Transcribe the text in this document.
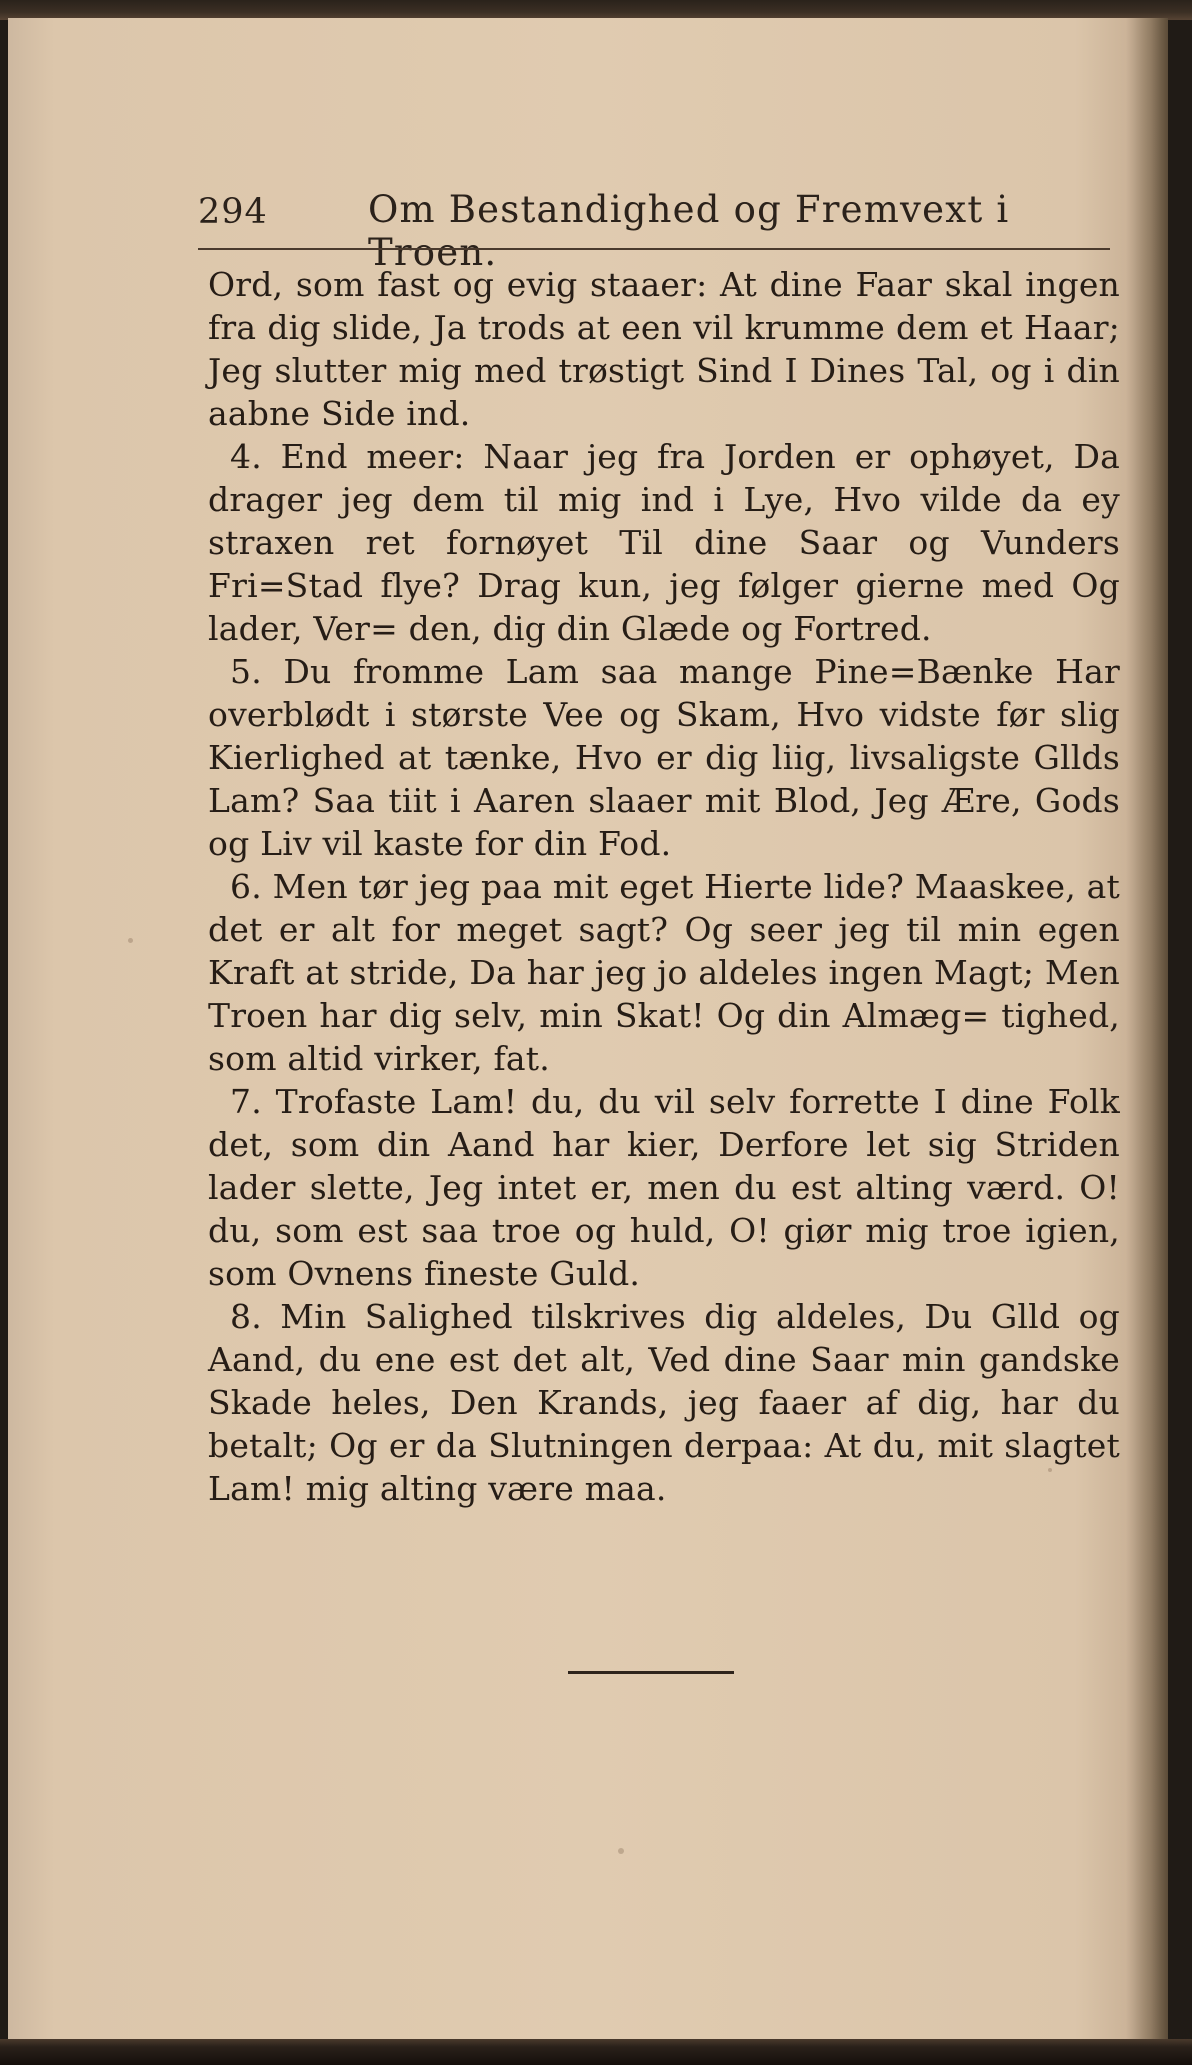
294	Om Bestandighed og Fremvext i Troen.

Ord, som fast og evig staaer: At dine Faar skal ingen fra dig slide, Ja trods at een vil krumme dem et Haar; Jeg slutter mig med trøstigt Sind I Dines Tal, og i din aabne Side ind.

4. End meer: Naar jeg fra Jorden er ophøyet, Da drager jeg dem til mig ind i Lye, Hvo vilde da ey straxen ret fornøyet Til dine Saar og Vunders Fri=Stad flye? Drag kun, jeg følger gierne med Og lader, Ver= den, dig din Glæde og Fortred.

5. Du fromme Lam saa mange Pine=Bænke Har overblødt i største Vee og Skam, Hvo vidste før slig Kierlighed at tænke, Hvo er dig liig, livsaligste Gllds Lam? Saa tiit i Aaren slaaer mit Blod, Jeg Ære, Gods og Liv vil kaste for din Fod.

6. Men tør jeg paa mit eget Hierte lide? Maaskee, at det er alt for meget sagt? Og seer jeg til min egen Kraft at stride, Da har jeg jo aldeles ingen Magt; Men Troen har dig selv, min Skat! Og din Almæg= tighed, som altid virker, fat.

7. Trofaste Lam! du, du vil selv forrette I dine Folk det, som din Aand har kier, Derfore let sig Striden lader slette, Jeg intet er, men du est alting værd. O! du, som est saa troe og huld, O! giør mig troe igien, som Ovnens fineste Guld.

8. Min Salighed tilskrives dig aldeles, Du Glld og Aand, du ene est det alt, Ved dine Saar min gandske Skade heles, Den Krands, jeg faaer af dig, har du betalt; Og er da Slutningen derpaa: At du, mit slagtet Lam! mig alting være maa.
